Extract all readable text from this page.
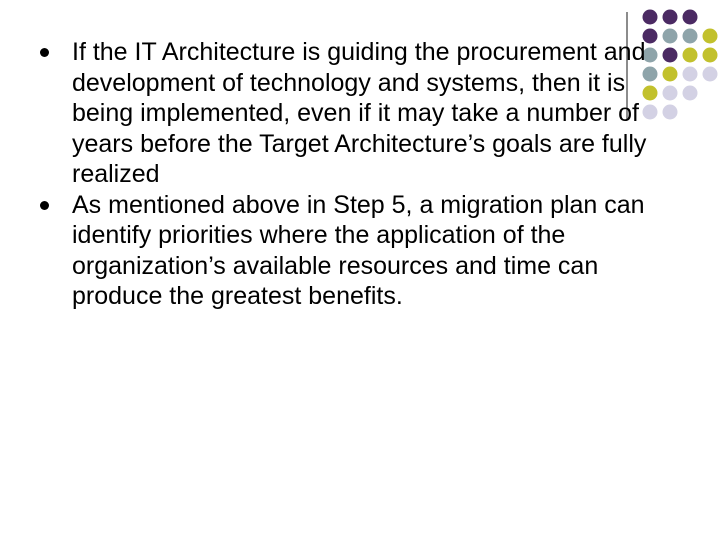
If the IT Architecture is guiding the procurement and development of technology and systems, then it is being implemented, even if it may take a number of years before the Target Architecture’s goals are fully realized
As mentioned above in Step 5, a migration plan can identify priorities where the application of the organization’s available resources and time can produce the greatest benefits.
